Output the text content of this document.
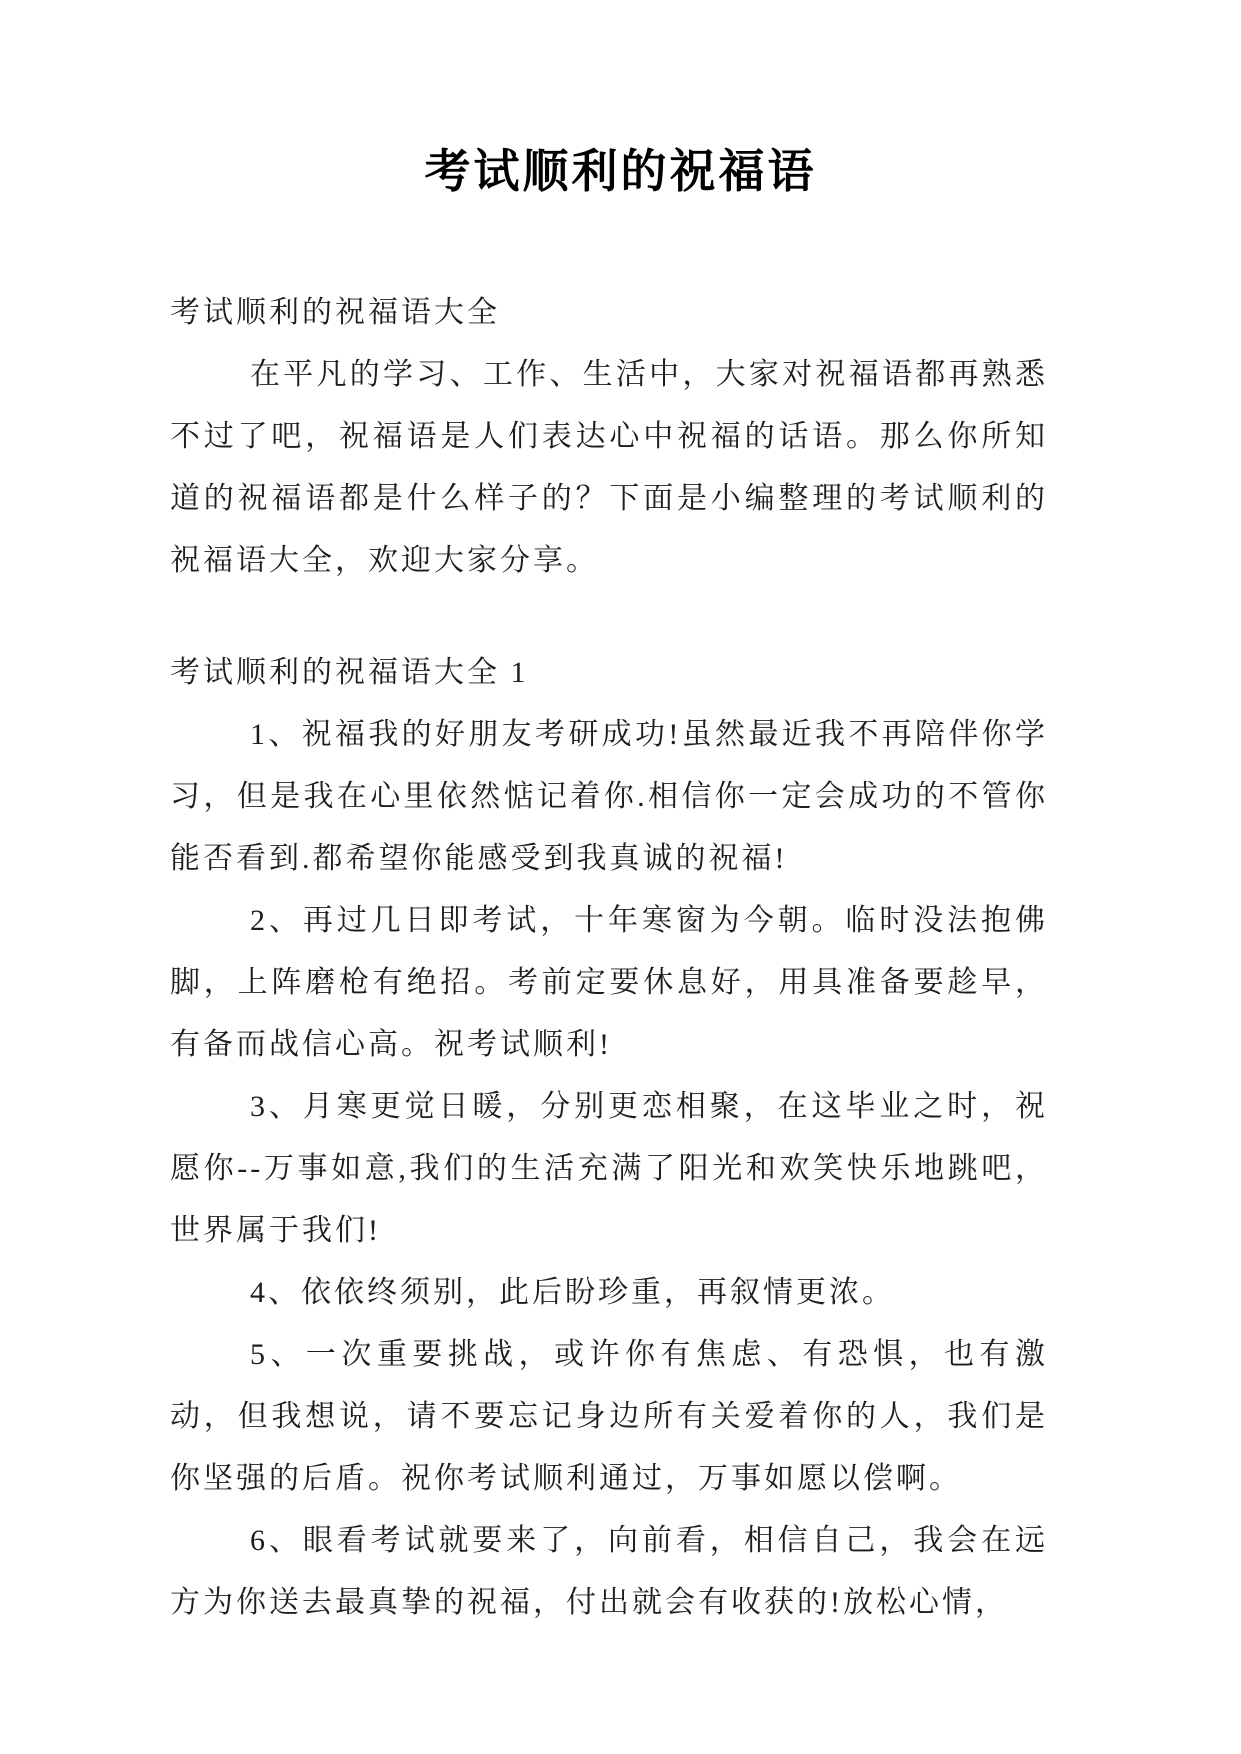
考试顺利的祝福语

考试顺利的祝福语大全

在平凡的学习、工作、生活中，大家对祝福语都再熟悉不过了吧，祝福语是人们表达心中祝福的话语。那么你所知道的祝福语都是什么样子的？下面是小编整理的考试顺利的祝福语大全，欢迎大家分享。

考试顺利的祝福语大全 1

1、祝福我的好朋友考研成功!虽然最近我不再陪伴你学习，但是我在心里依然惦记着你.相信你一定会成功的不管你能否看到.都希望你能感受到我真诚的祝福!

2、再过几日即考试，十年寒窗为今朝。临时没法抱佛脚，上阵磨枪有绝招。考前定要休息好，用具准备要趁早，有备而战信心高。祝考试顺利!

3、月寒更觉日暖，分别更恋相聚，在这毕业之时，祝愿你--万事如意,我们的生活充满了阳光和欢笑快乐地跳吧，世界属于我们!

4、依依终须别，此后盼珍重，再叙情更浓。

5、一次重要挑战，或许你有焦虑、有恐惧，也有激动，但我想说，请不要忘记身边所有关爱着你的人，我们是你坚强的后盾。祝你考试顺利通过，万事如愿以偿啊。

6、眼看考试就要来了，向前看，相信自己，我会在远方为你送去最真挚的祝福，付出就会有收获的!放松心情，
